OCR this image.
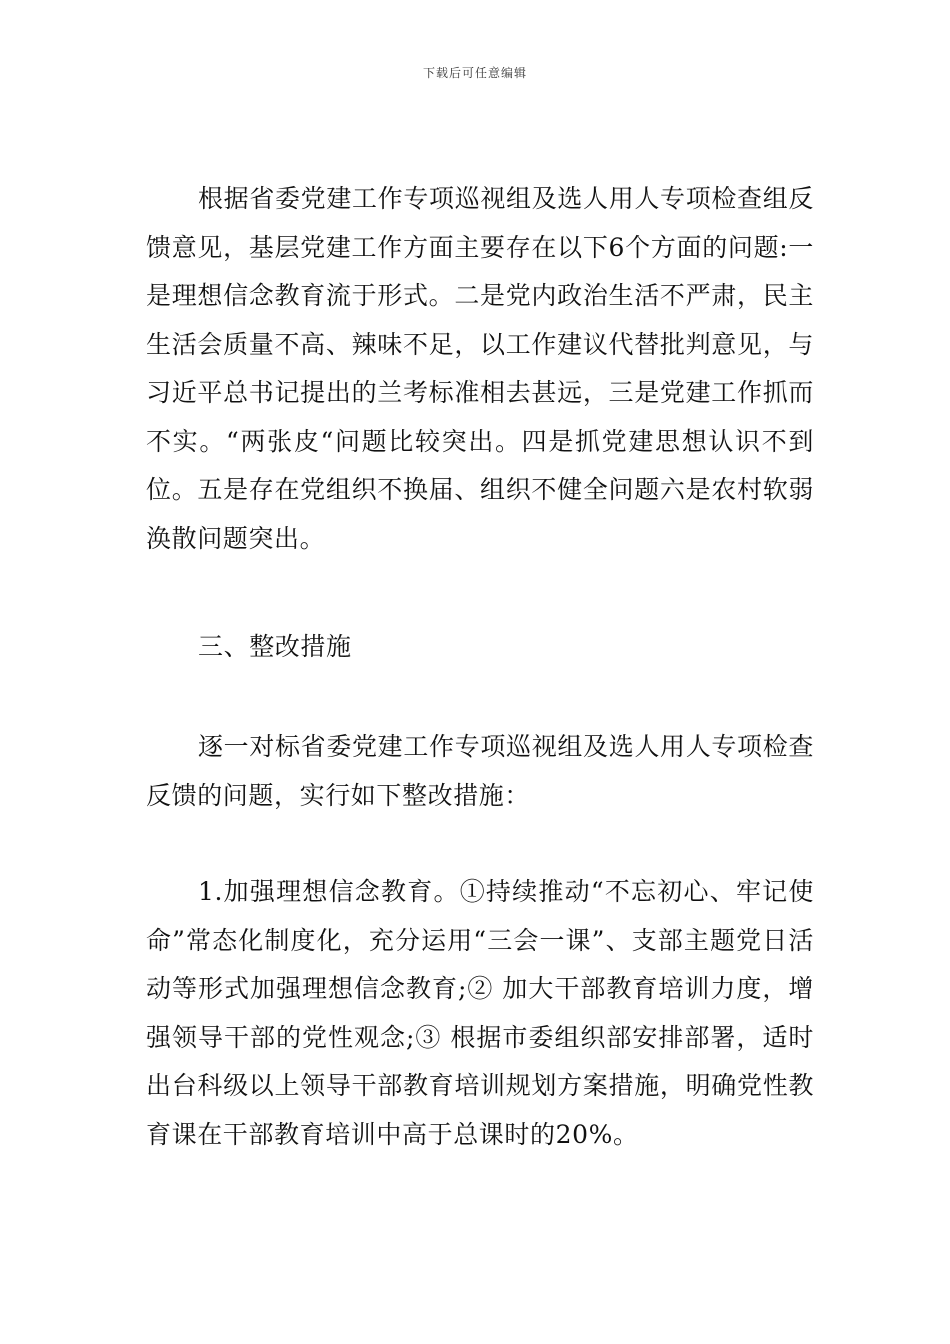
下载后可任意编辑

根据省委党建工作专项巡视组及选人用人专项检查组反馈意见，基层党建工作方面主要存在以下6个方面的问题:一是理想信念教育流于形式。二是党内政治生活不严肃，民主生活会质量不高、辣味不足，以工作建议代替批判意见，与习近平总书记提出的兰考标准相去甚远，三是党建工作抓而不实。“两张皮“问题比较突出。四是抓党建思想认识不到位。五是存在党组织不换届、组织不健全问题六是农村软弱涣散问题突出。

三、整改措施

逐一对标省委党建工作专项巡视组及选人用人专项检查反馈的问题，实行如下整改措施：

1.加强理想信念教育。①持续推动“不忘初心、牢记使命”常态化制度化，充分运用“三会一课”、支部主题党日活动等形式加强理想信念教育;② 加大干部教育培训力度，增强领导干部的党性观念;③ 根据市委组织部安排部署，适时出台科级以上领导干部教育培训规划方案措施，明确党性教育课在干部教育培训中高于总课时的20%。
